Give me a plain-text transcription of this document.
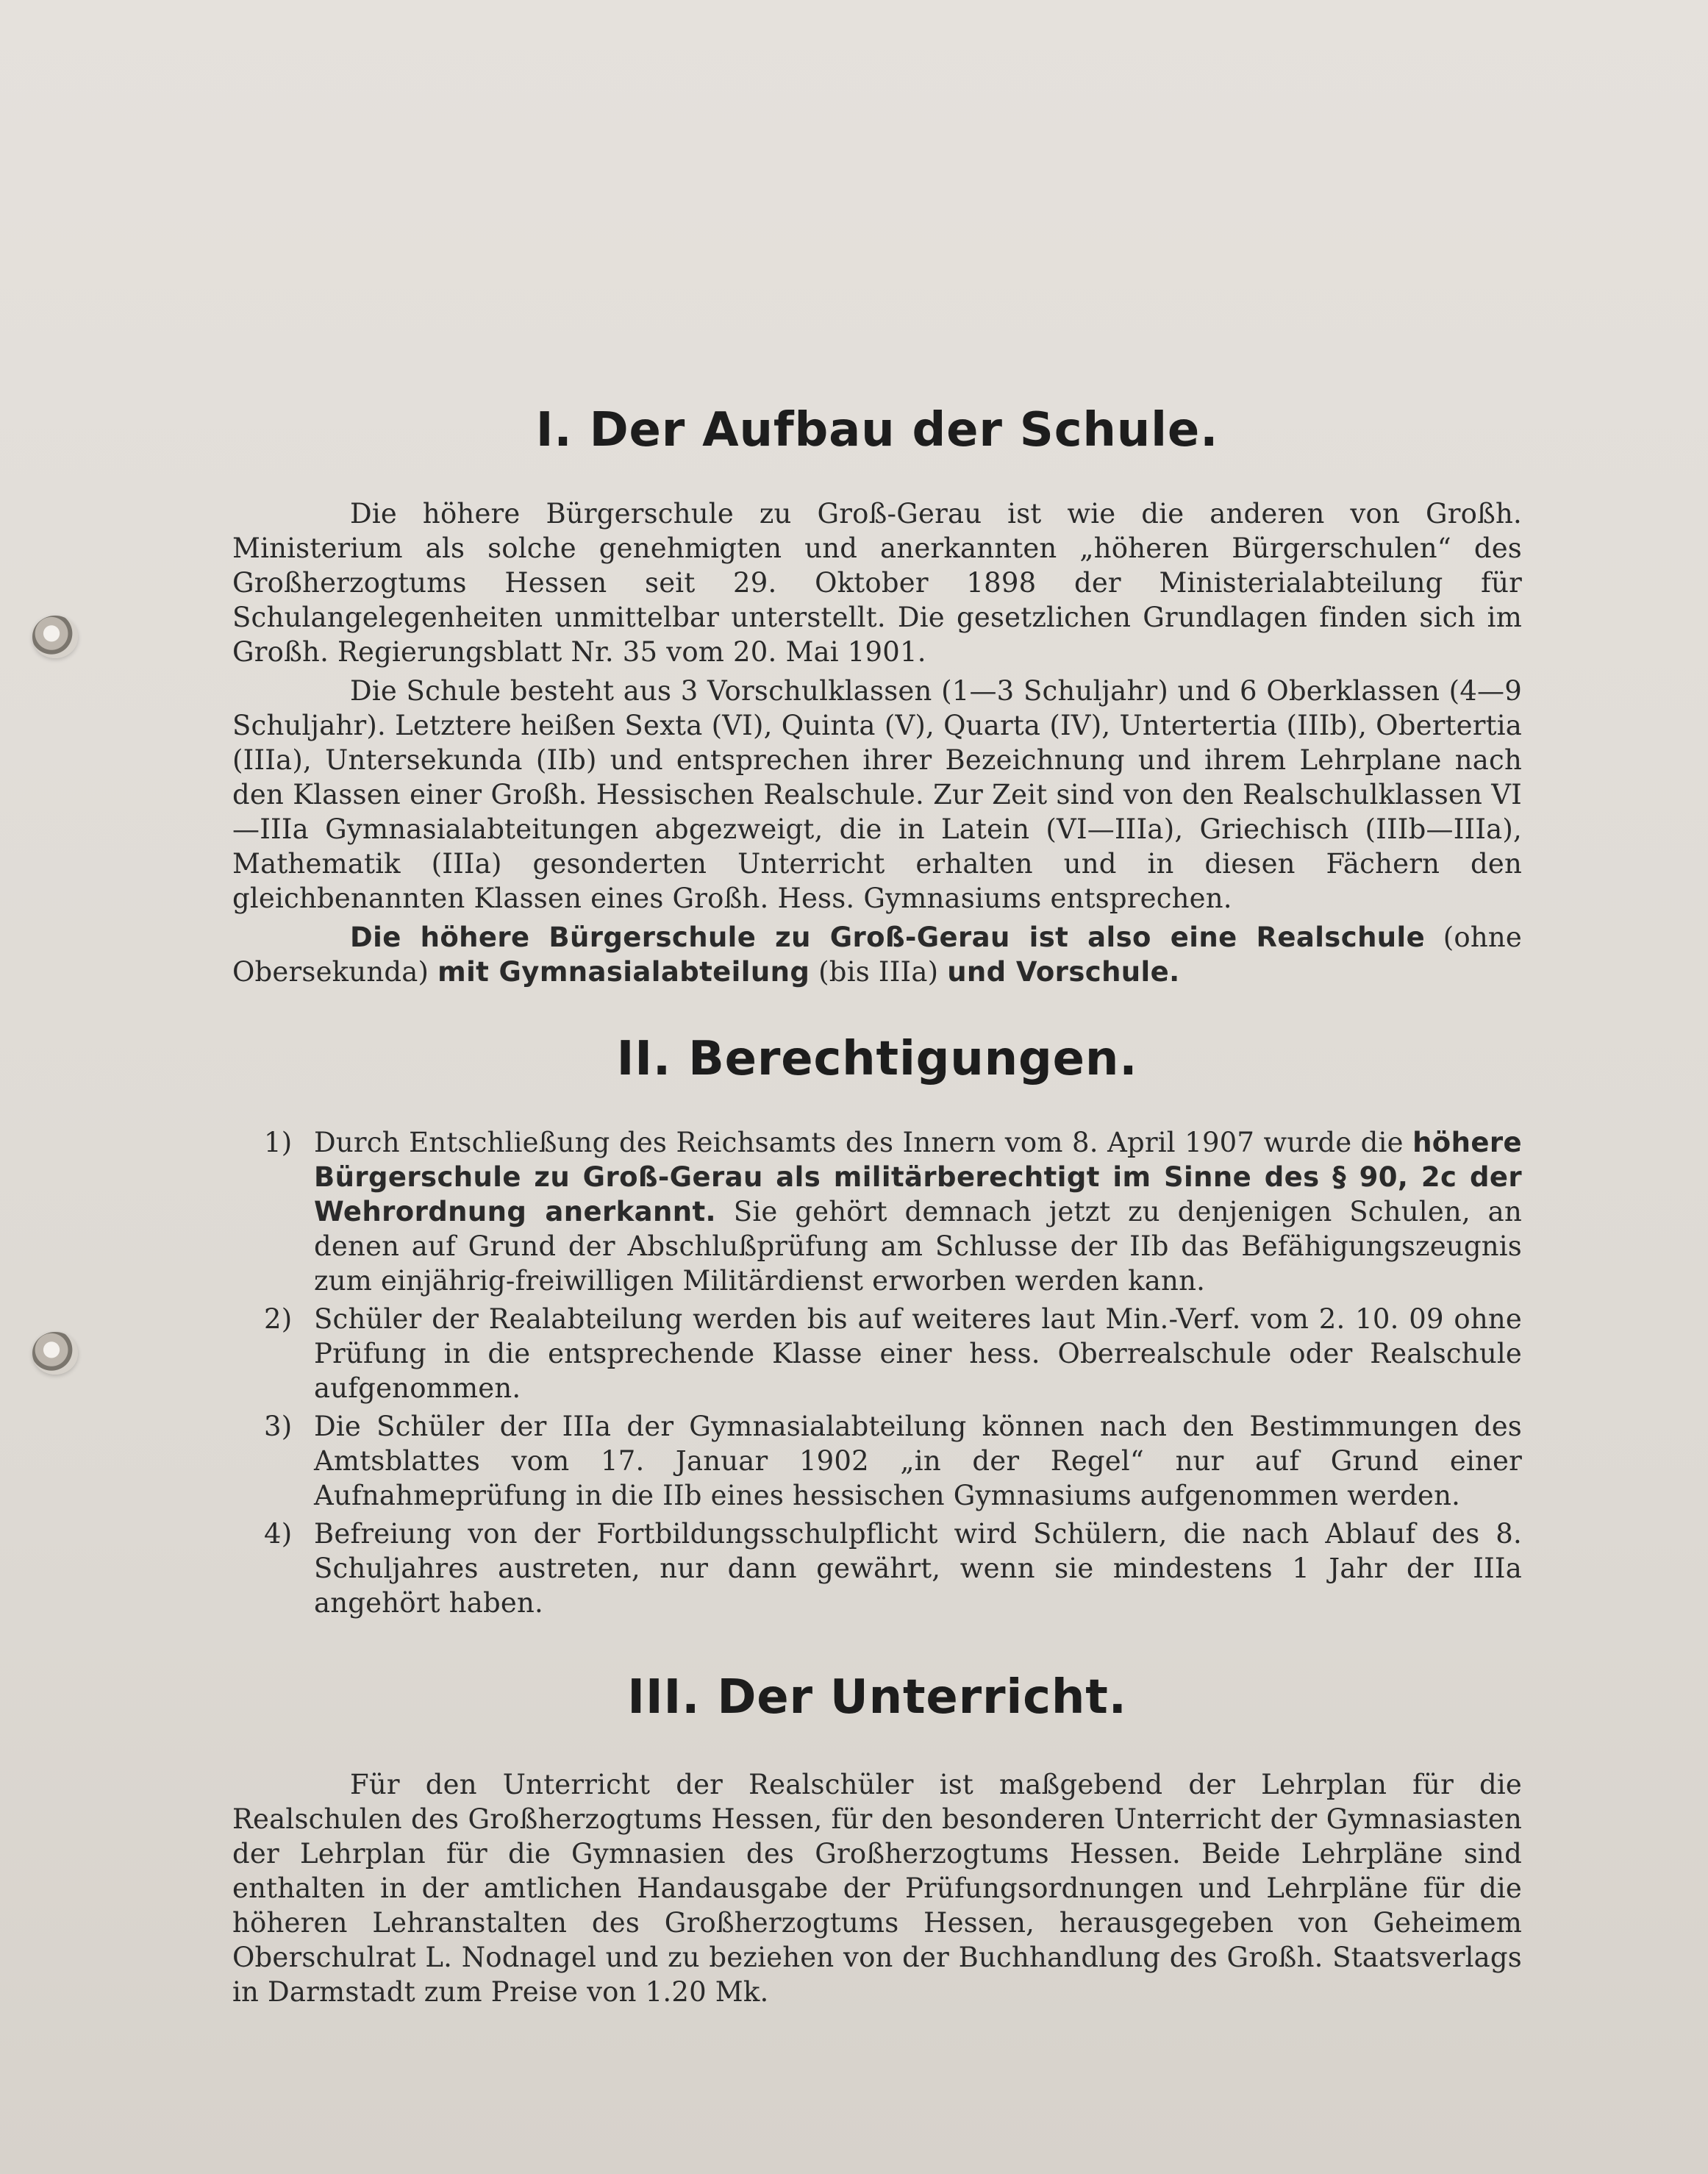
I. Der Aufbau der Schule.

Die höhere Bürgerschule zu Groß-Gerau ist wie die anderen von Großh. Ministerium als solche genehmigten und anerkannten „höheren Bürgerschulen“ des Großherzogtums Hessen seit 29. Oktober 1898 der Ministerialabteilung für Schulangelegenheiten unmittelbar unterstellt. Die gesetzlichen Grundlagen finden sich im Großh. Regierungsblatt Nr. 35 vom 20. Mai 1901.

Die Schule besteht aus 3 Vorschulklassen (1—3 Schuljahr) und 6 Oberklassen (4—9 Schuljahr). Letztere heißen Sexta (VI), Quinta (V), Quarta (IV), Untertertia (IIIb), Obertertia (IIIa), Untersekunda (IIb) und entsprechen ihrer Bezeichnung und ihrem Lehrplane nach den Klassen einer Großh. Hessischen Realschule. Zur Zeit sind von den Realschulklassen VI—IIIa Gymnasialabteitungen abgezweigt, die in Latein (VI—IIIa), Griechisch (IIIb—IIIa), Mathematik (IIIa) gesonderten Unterricht erhalten und in diesen Fächern den gleichbenannten Klassen eines Großh. Hess. Gymnasiums entsprechen.

Die höhere Bürgerschule zu Groß-Gerau ist also eine Realschule (ohne Obersekunda) mit Gymnasialabteilung (bis IIIa) und Vorschule.

II. Berechtigungen.
1) Durch Entschließung des Reichsamts des Innern vom 8. April 1907 wurde die höhere Bürgerschule zu Groß-Gerau als militärberechtigt im Sinne des § 90, 2c der Wehrordnung anerkannt. Sie gehört demnach jetzt zu denjenigen Schulen, an denen auf Grund der Abschlußprüfung am Schlusse der IIb das Befähigungszeugnis zum einjährig-freiwilligen Militärdienst erworben werden kann.
2) Schüler der Realabteilung werden bis auf weiteres laut Min.-Verf. vom 2. 10. 09 ohne Prüfung in die entsprechende Klasse einer hess. Oberrealschule oder Realschule aufgenommen.
3) Die Schüler der IIIa der Gymnasialabteilung können nach den Bestimmungen des Amtsblattes vom 17. Januar 1902 „in der Regel“ nur auf Grund einer Aufnahmeprüfung in die IIb eines hessischen Gymnasiums aufgenommen werden.
4) Befreiung von der Fortbildungsschulpflicht wird Schülern, die nach Ablauf des 8. Schuljahres austreten, nur dann gewährt, wenn sie mindestens 1 Jahr der IIIa angehört haben.
III. Der Unterricht.

Für den Unterricht der Realschüler ist maßgebend der Lehrplan für die Realschulen des Großherzogtums Hessen, für den besonderen Unterricht der Gymnasiasten der Lehrplan für die Gymnasien des Großherzogtums Hessen. Beide Lehrpläne sind enthalten in der amtlichen Handausgabe der Prüfungsordnungen und Lehrpläne für die höheren Lehranstalten des Großherzogtums Hessen, herausgegeben von Geheimem Oberschulrat L. Nodnagel und zu beziehen von der Buchhandlung des Großh. Staatsverlags in Darmstadt zum Preise von 1.20 Mk.
